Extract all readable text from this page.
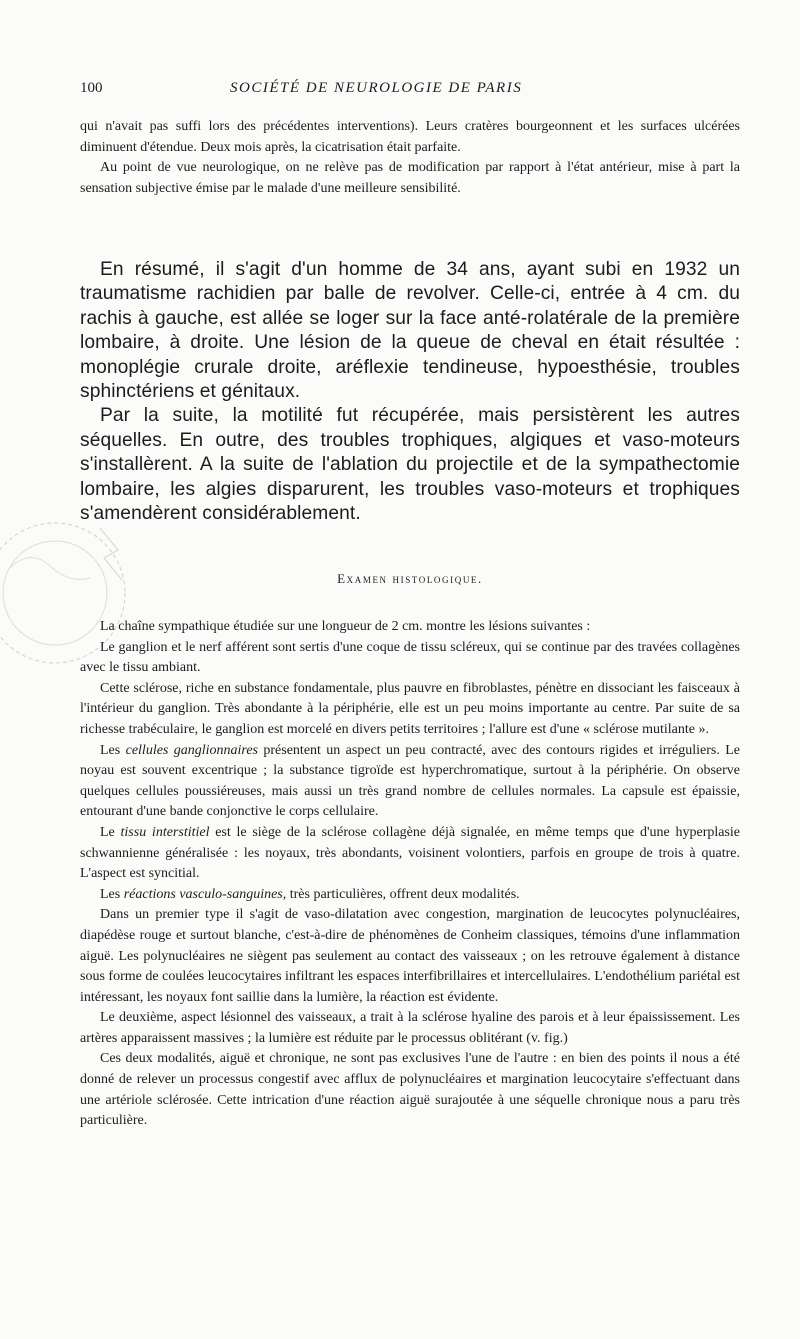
100	SOCIÉTÉ DE NEUROLOGIE DE PARIS

qui n'avait pas suffi lors des précédentes interventions). Leurs cratères bourgeonnent et les surfaces ulcérées diminuent d'étendue. Deux mois après, la cicatrisation était parfaite.

Au point de vue neurologique, on ne relève pas de modification par rapport à l'état antérieur, mise à part la sensation subjective émise par le malade d'une meilleure sensibilité.

En résumé, il s'agit d'un homme de 34 ans, ayant subi en 1932 un traumatisme rachidien par balle de revolver. Celle-ci, entrée à 4 cm. du rachis à gauche, est allée se loger sur la face anté-rolatérale de la première lombaire, à droite. Une lésion de la queue de cheval en était résultée : monoplégie crurale droite, aréflexie tendineuse, hypoesthésie, troubles sphinctériens et génitaux.

Par la suite, la motilité fut récupérée, mais persistèrent les autres séquelles. En outre, des troubles trophiques, algiques et vaso-moteurs s'installèrent. A la suite de l'ablation du projectile et de la sympathectomie lombaire, les algies disparurent, les troubles vaso-moteurs et trophiques s'amendèrent considérablement.

Examen histologique.

La chaîne sympathique étudiée sur une longueur de 2 cm. montre les lésions suivantes :

Le ganglion et le nerf afférent sont sertis d'une coque de tissu scléreux, qui se continue par des travées collagènes avec le tissu ambiant.

Cette sclérose, riche en substance fondamentale, plus pauvre en fibroblastes, pénètre en dissociant les faisceaux à l'intérieur du ganglion. Très abondante à la périphérie, elle est un peu moins importante au centre. Par suite de sa richesse trabéculaire, le ganglion est morcelé en divers petits territoires ; l'allure est d'une « sclérose mutilante ».

Les cellules ganglionnaires présentent un aspect un peu contracté, avec des contours rigides et irréguliers. Le noyau est souvent excentrique ; la substance tigroïde est hyperchromatique, surtout à la périphérie. On observe quelques cellules poussiéreuses, mais aussi un très grand nombre de cellules normales. La capsule est épaissie, entourant d'une bande conjonctive le corps cellulaire.

Le tissu interstitiel est le siège de la sclérose collagène déjà signalée, en même temps que d'une hyperplasie schwannienne généralisée : les noyaux, très abondants, voisinent volontiers, parfois en groupe de trois à quatre. L'aspect est syncitial.

Les réactions vasculo-sanguines, très particulières, offrent deux modalités.

Dans un premier type il s'agit de vaso-dilatation avec congestion, margination de leucocytes polynucléaires, diapédèse rouge et surtout blanche, c'est-à-dire de phénomènes de Conheim classiques, témoins d'une inflammation aiguë. Les polynucléaires ne siègent pas seulement au contact des vaisseaux ; on les retrouve également à distance sous forme de coulées leucocytaires infiltrant les espaces interfibrillaires et intercellulaires. L'endothélium pariétal est intéressant, les noyaux font saillie dans la lumière, la réaction est évidente.

Le deuxième, aspect lésionnel des vaisseaux, a trait à la sclérose hyaline des parois et à leur épaississement. Les artères apparaissent massives ; la lumière est réduite par le processus oblitérant (v. fig.)

Ces deux modalités, aiguë et chronique, ne sont pas exclusives l'une de l'autre : en bien des points il nous a été donné de relever un processus congestif avec afflux de polynucléaires et margination leucocytaire s'effectuant dans une artériole sclérosée. Cette intrication d'une réaction aiguë surajoutée à une séquelle chronique nous a paru très particulière.
